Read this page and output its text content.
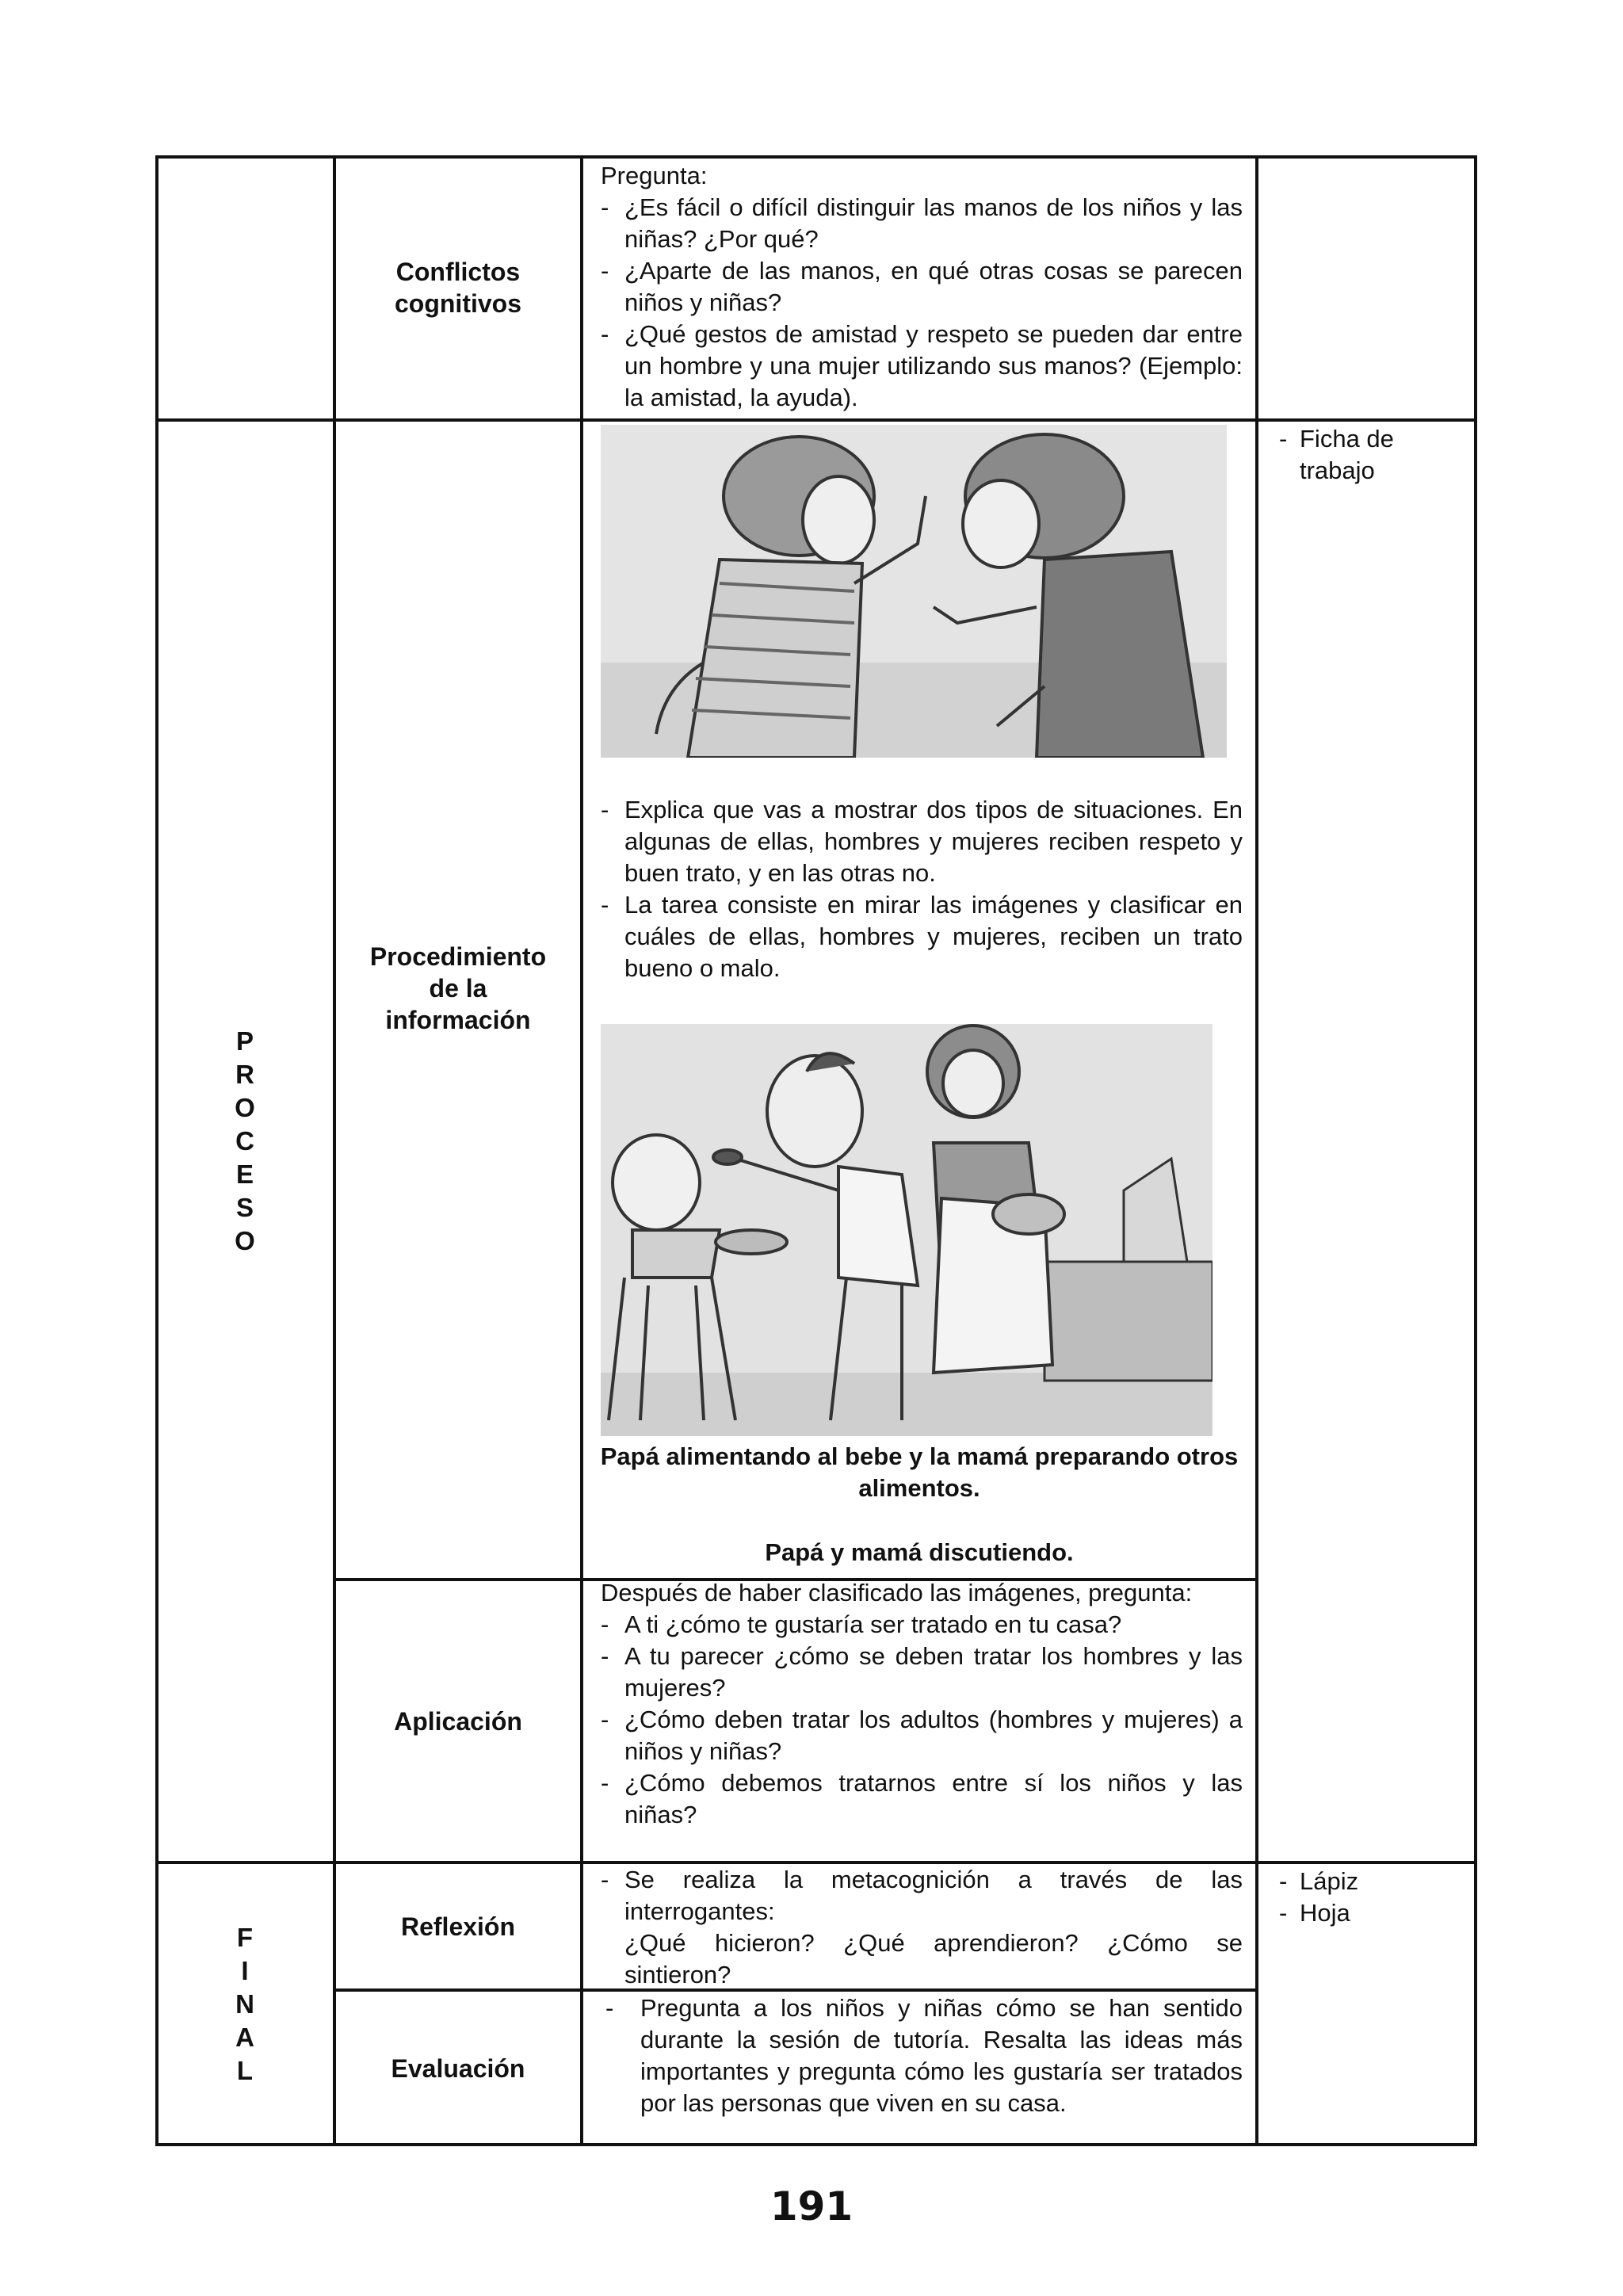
P
R
O
C
E
S
O
F
I
N
A
L
Conflictos
cognitivos
Procedimiento
de la
información
Aplicación
Reflexión
Evaluación

Pregunta:

- ¿Es fácil o difícil distinguir las manos de los niños y las niñas? ¿Por qué?
- ¿Aparte de las manos, en qué otras cosas se parecen niños y niñas?
- ¿Qué gestos de amistad y respeto se pueden dar entre un hombre y una mujer utilizando sus manos? (Ejemplo: la amistad, la ayuda).
- Explica que vas a mostrar dos tipos de situaciones. En algunas de ellas, hombres y mujeres reciben respeto y buen trato, y en las otras no.
- La tarea consiste en mirar las imágenes y clasificar en cuáles de ellas, hombres y mujeres, reciben un trato bueno o malo.
Papá alimentando al bebe y la mamá preparando otros alimentos.
Papá y mamá discutiendo.

Después de haber clasificado las imágenes, pregunta:

- A ti ¿cómo te gustaría ser tratado en tu casa?
- A tu parecer ¿cómo se deben tratar los hombres y las mujeres?
- ¿Cómo deben tratar los adultos (hombres y mujeres) a niños y niñas?
- ¿Cómo debemos tratarnos entre sí los niños y las niñas?
- Se realiza la metacognición a través de las interrogantes:
¿Qué hicieron? ¿Qué aprendieron? ¿Cómo se sintieron?
-	Pregunta a los niños y niñas cómo se han sentido durante la sesión de tutoría. Resalta las ideas más importantes y pregunta cómo les gustaría ser tratados por las personas que viven en su casa.
- Ficha de trabajo
- Lápiz
- Hoja
191
